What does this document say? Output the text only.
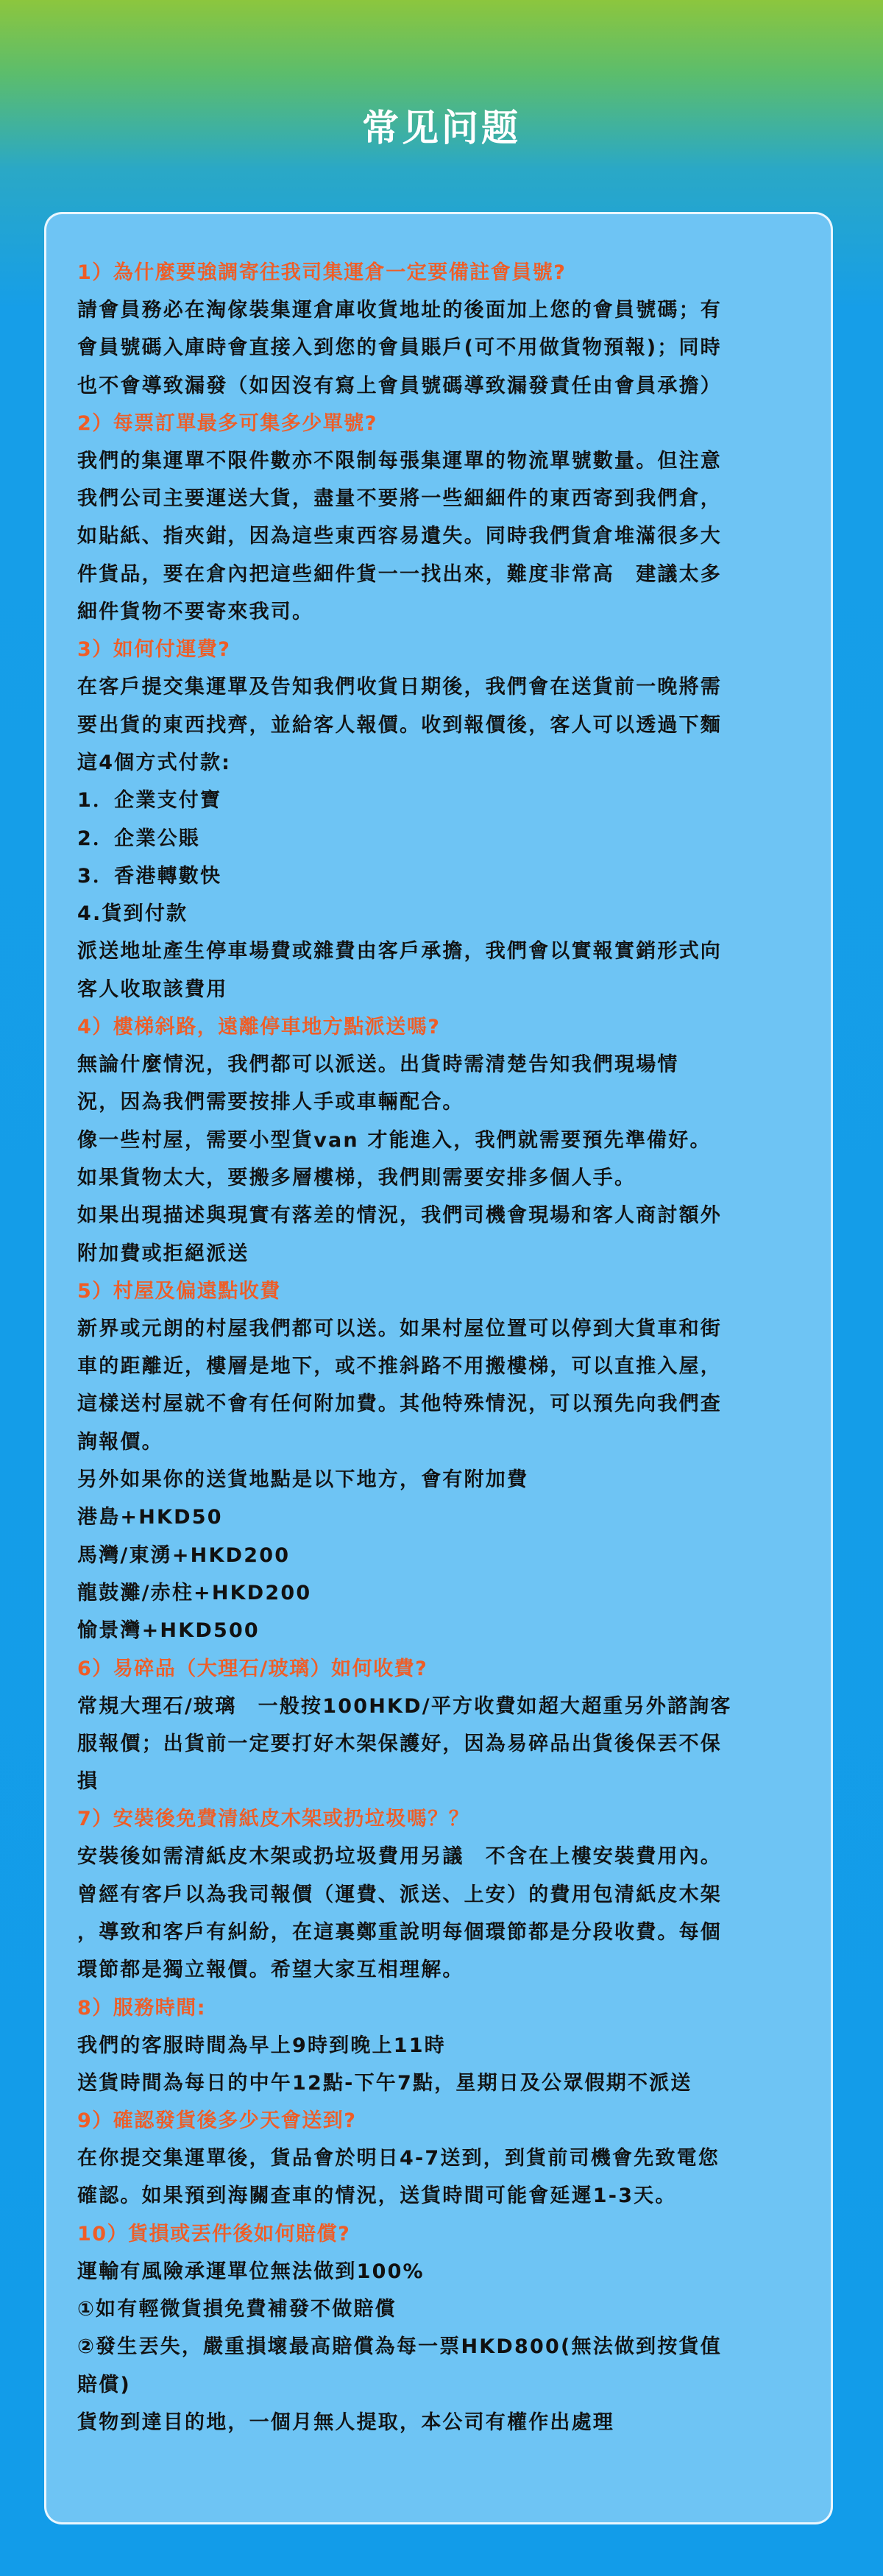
常见问题

1）為什麼要強調寄往我司集運倉一定要備註會員號?

請會員務必在淘傢裝集運倉庫收貨地址的後面加上您的會員號碼；有

會員號碼入庫時會直接入到您的會員賬戶(可不用做貨物預報)；同時

也不會導致漏發（如因沒有寫上會員號碼導致漏發責任由會員承擔）

2）每票訂單最多可集多少單號?

我們的集運單不限件數亦不限制每張集運單的物流單號數量。但注意

我們公司主要運送大貨，盡量不要將一些細細件的東西寄到我們倉，

如貼紙、指夾鉗，因為這些東西容易遺失。同時我們貨倉堆滿很多大

件貨品，要在倉內把這些細件貨一一找出來，難度非常高　建議太多

細件貨物不要寄來我司。

3）如何付運費?

在客戶提交集運單及告知我們收貨日期後，我們會在送貨前一晚將需

要出貨的東西找齊，並給客人報價。收到報價後，客人可以透過下麵

這4個方式付款:

1．企業支付寶

2．企業公賬

3．香港轉數快

4.貨到付款

派送地址產生停車場費或雜費由客戶承擔，我們會以實報實銷形式向

客人收取該費用

4）樓梯斜路，遠離停車地方點派送嗎?

無論什麼情況，我們都可以派送。出貨時需清楚告知我們現場情

況，因為我們需要按排人手或車輛配合。

像一些村屋，需要小型貨van 才能進入，我們就需要預先準備好。

如果貨物太大，要搬多層樓梯，我們則需要安排多個人手。

如果出現描述與現實有落差的情況，我們司機會現場和客人商討額外

附加費或拒絕派送

5）村屋及偏遠點收費

新界或元朗的村屋我們都可以送。如果村屋位置可以停到大貨車和街

車的距離近，樓層是地下，或不推斜路不用搬樓梯，可以直推入屋，

這樣送村屋就不會有任何附加費。其他特殊情況，可以預先向我們查

詢報價。

另外如果你的送貨地點是以下地方，會有附加費

港島+HKD50

馬灣/東湧+HKD200

龍鼓灘/赤柱+HKD200

愉景灣+HKD500

6）易碎品（大理石/玻璃）如何收費?

常規大理石/玻璃　一般按100HKD/平方收費如超大超重另外諮詢客

服報價；出貨前一定要打好木架保護好，因為易碎品出貨後保丟不保

損

7）安裝後免費清紙皮木架或扔垃圾嗎？？

安裝後如需清紙皮木架或扔垃圾費用另議　不含在上樓安裝費用內。

曾經有客戶以為我司報價（運費、派送、上安）的費用包清紙皮木架

，導致和客戶有糾紛，在這裏鄭重說明每個環節都是分段收費。每個

環節都是獨立報價。希望大家互相理解。

8）服務時間:

我們的客服時間為早上9時到晚上11時

送貨時間為每日的中午12點-下午7點，星期日及公眾假期不派送

9）確認發貨後多少天會送到?

在你提交集運單後，貨品會於明日4-7送到，到貨前司機會先致電您

確認。如果預到海關查車的情況，送貨時間可能會延遲1-3天。

10）貨損或丟件後如何賠償?

運輸有風險承運單位無法做到100%

①如有輕微貨損免費補發不做賠償

②發生丟失，嚴重損壞最高賠償為每一票HKD800(無法做到按貨值

賠償)

貨物到達目的地，一個月無人提取，本公司有權作出處理
